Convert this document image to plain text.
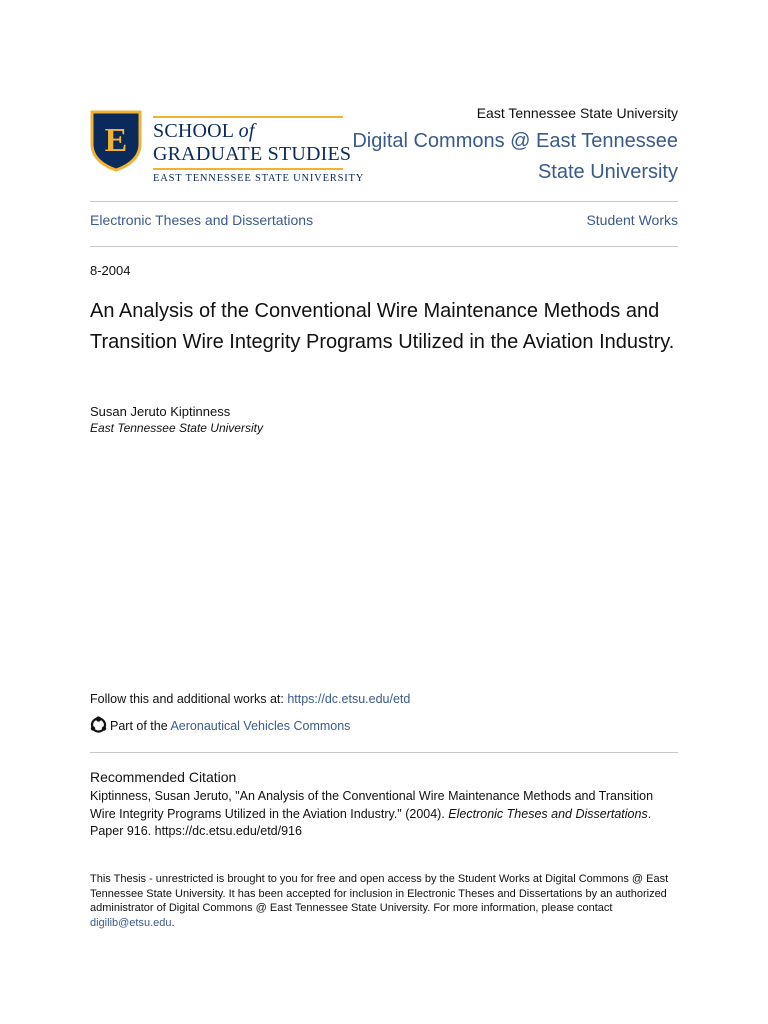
E SCHOOL of
GRADUATE STUDIES
EAST TENNESSEE STATE UNIVERSITY
East Tennessee State University
Digital Commons @ East Tennessee State University
Electronic Theses and Dissertations	Student Works
8-2004
An Analysis of the Conventional Wire Maintenance Methods and Transition Wire Integrity Programs Utilized in the Aviation Industry.
Susan Jeruto Kiptinness
East Tennessee State University
Follow this and additional works at: https://dc.etsu.edu/etd
Part of the Aeronautical Vehicles Commons
Recommended Citation
Kiptinness, Susan Jeruto, "An Analysis of the Conventional Wire Maintenance Methods and Transition Wire Integrity Programs Utilized in the Aviation Industry." (2004). Electronic Theses and Dissertations. Paper 916. https://dc.etsu.edu/etd/916
This Thesis - unrestricted is brought to you for free and open access by the Student Works at Digital Commons @ East Tennessee State University. It has been accepted for inclusion in Electronic Theses and Dissertations by an authorized administrator of Digital Commons @ East Tennessee State University. For more information, please contact digilib@etsu.edu.
